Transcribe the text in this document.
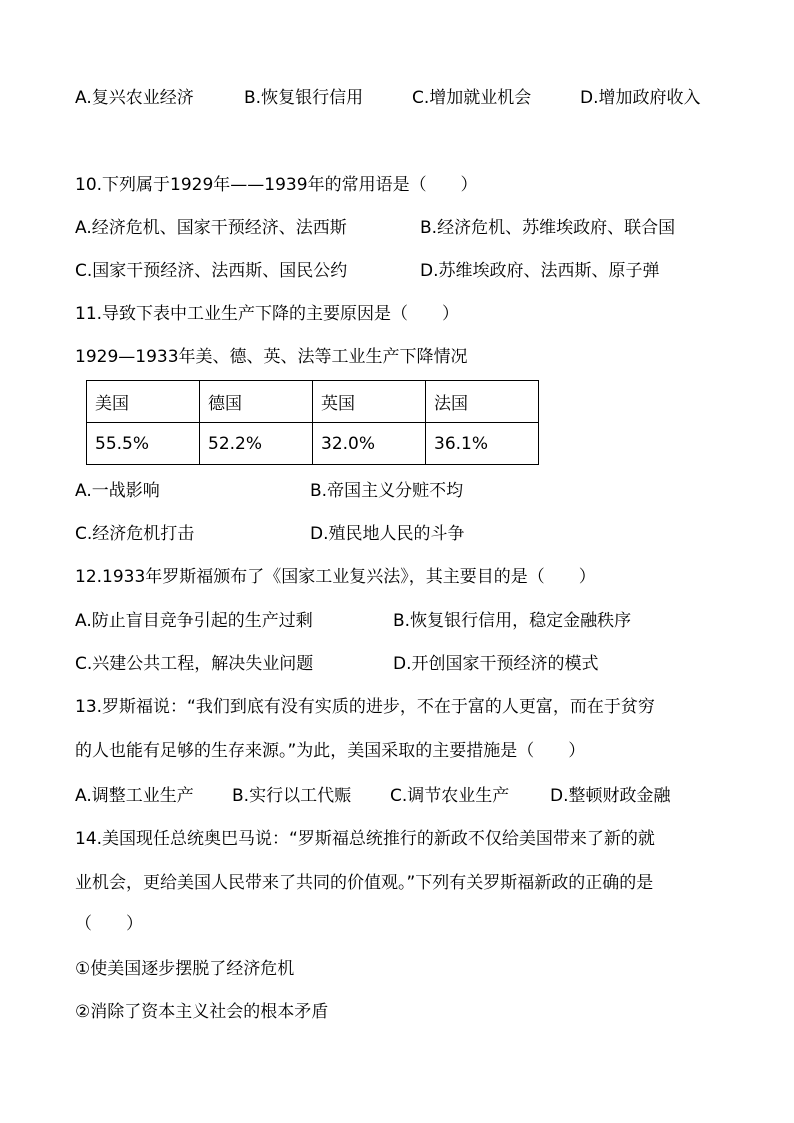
A.复兴农业经济	B.恢复银行信用	C.增加就业机会	D.增加政府收入
10.下列属于1929年——1939年的常用语是（　　）
A.经济危机、国家干预经济、法西斯	B.经济危机、苏维埃政府、联合国
C.国家干预经济、法西斯、国民公约	D.苏维埃政府、法西斯、原子弹
11.导致下表中工业生产下降的主要原因是（　　）
1929—1933年美、德、英、法等工业生产下降情况
美国	德国	英国	法国
55.5%	52.2%	32.0%	36.1%
A.一战影响	B.帝国主义分赃不均
C.经济危机打击	D.殖民地人民的斗争
12.1933年罗斯福颁布了《国家工业复兴法》，其主要目的是（　　）
A.防止盲目竞争引起的生产过剩	B.恢复银行信用，稳定金融秩序
C.兴建公共工程，解决失业问题	D.开创国家干预经济的模式
13.罗斯福说：“我们到底有没有实质的进步，不在于富的人更富，而在于贫穷
的人也能有足够的生存来源。”为此，美国采取的主要措施是（　　）
A.调整工业生产 B.实行以工代赈 C.调节农业生产 D.整顿财政金融
14.美国现任总统奥巴马说：“罗斯福总统推行的新政不仅给美国带来了新的就
业机会，更给美国人民带来了共同的价值观。”下列有关罗斯福新政的正确的是
（　　）
①使美国逐步摆脱了经济危机
②消除了资本主义社会的根本矛盾
